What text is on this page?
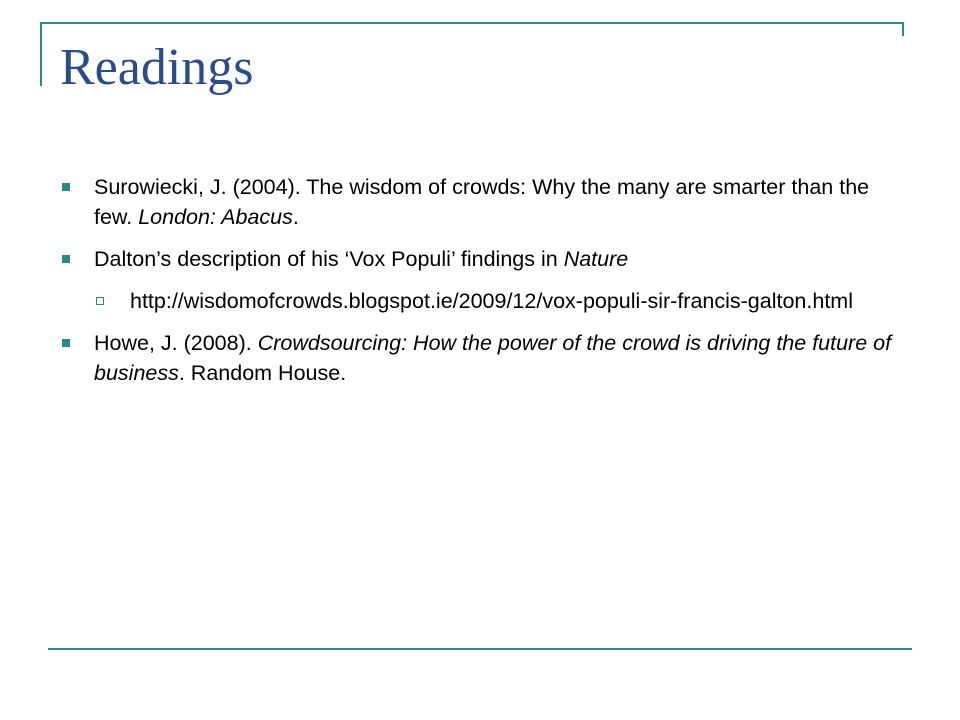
Readings
Surowiecki, J. (2004). The wisdom of crowds: Why the many are smarter than the few. London: Abacus.
Dalton’s description of his ‘Vox Populi’ findings in Nature
http://wisdomofcrowds.blogspot.ie/2009/12/vox-populi-sir-francis-galton.html
Howe, J. (2008). Crowdsourcing: How the power of the crowd is driving the future of business. Random House.
